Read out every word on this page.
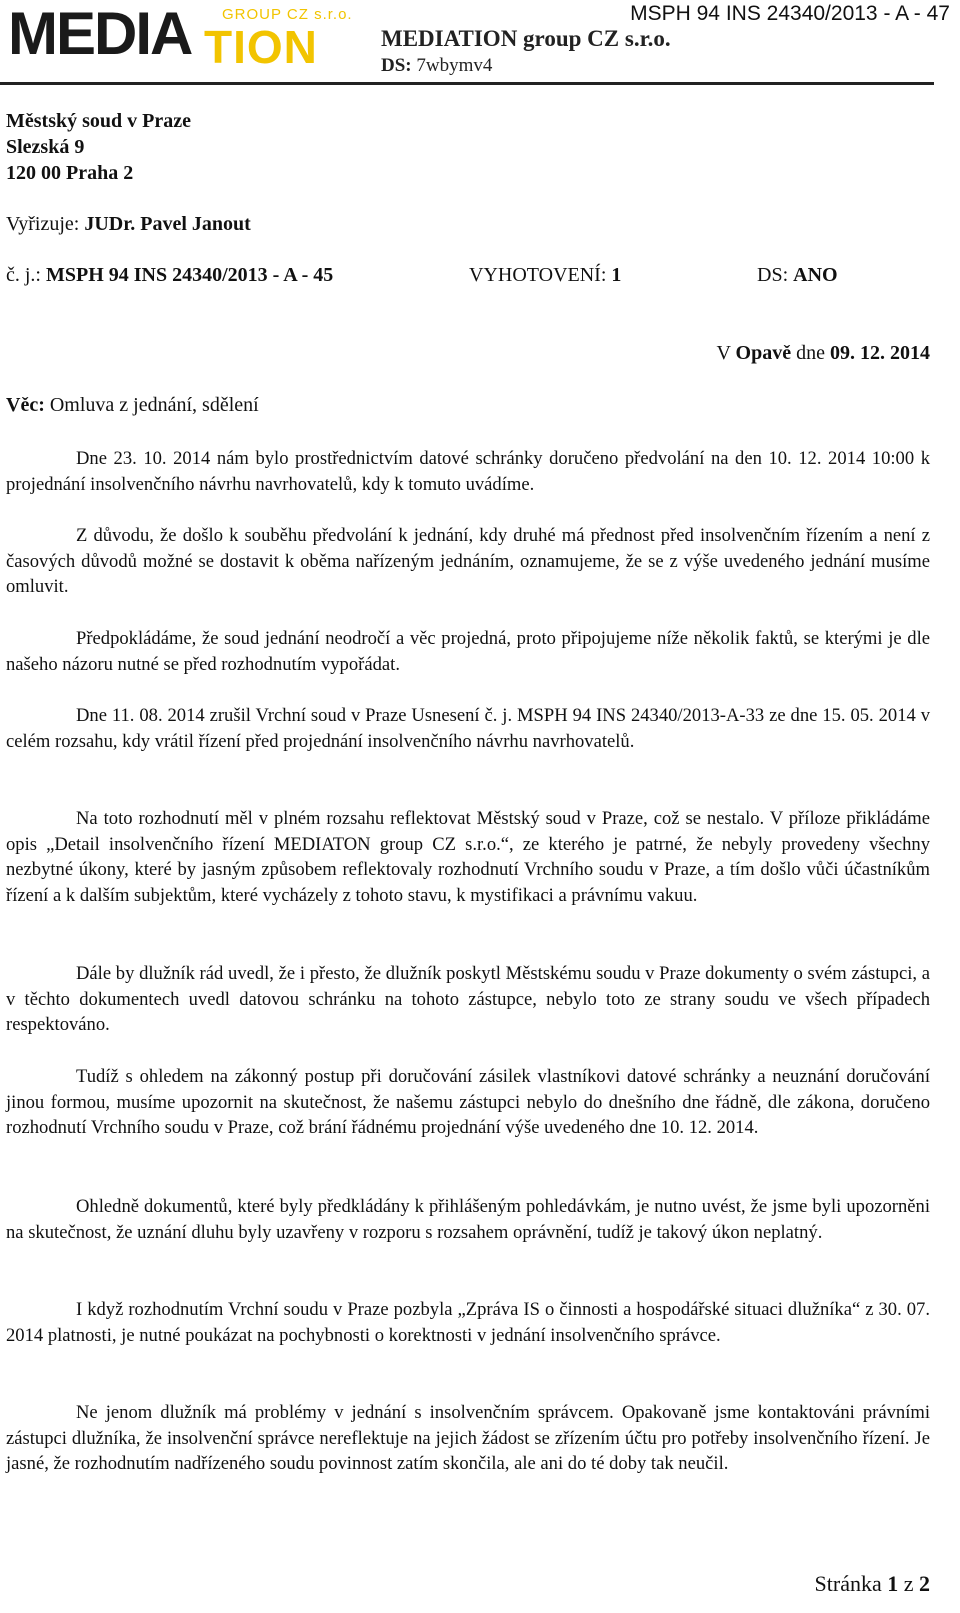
MEDIA GROUP CZ s.r.o.
TION
MSPH 94 INS 24340/2013 - A - 47
MEDIATION group CZ s.r.o.
DS: 7wbymv4
Městský soud v Praze
Slezská 9
120 00 Praha 2
Vyřizuje: JUDr. Pavel Janout
č. j.: MSPH 94 INS 24340/2013 - A - 45	VYHOTOVENÍ: 1	DS: ANO
V Opavě dne 09. 12. 2014
Věc: Omluva z jednání, sdělení
Dne 23. 10. 2014 nám bylo prostřednictvím datové schránky doručeno předvolání na den 10. 12. 2014 10:00 k projednání insolvenčního návrhu navrhovatelů, kdy k tomuto uvádíme.
Z důvodu, že došlo k souběhu předvolání k jednání, kdy druhé má přednost před insolvenčním řízením a není z časových důvodů možné se dostavit k oběma nařízeným jednáním, oznamujeme, že se z výše uvedeného jednání musíme omluvit.
Předpokládáme, že soud jednání neodročí a věc projedná, proto připojujeme níže několik faktů, se kterými je dle našeho názoru nutné se před rozhodnutím vypořádat.
Dne 11. 08. 2014 zrušil Vrchní soud v Praze Usnesení č. j. MSPH 94 INS 24340/2013-A-33 ze dne 15. 05. 2014 v celém rozsahu, kdy vrátil řízení před projednání insolvenčního návrhu navrhovatelů.
Na toto rozhodnutí měl v plném rozsahu reflektovat Městský soud v Praze, což se nestalo. V příloze přikládáme opis „Detail insolvenčního řízení MEDIATON group CZ s.r.o.“, ze kterého je patrné, že nebyly provedeny všechny nezbytné úkony, které by jasným způsobem reflektovaly rozhodnutí Vrchního soudu v Praze, a tím došlo vůči účastníkům řízení a k dalším subjektům, které vycházely z tohoto stavu, k mystifikaci a právnímu vakuu.
Dále by dlužník rád uvedl, že i přesto, že dlužník poskytl Městskému soudu v Praze dokumenty o svém zástupci, a v těchto dokumentech uvedl datovou schránku na tohoto zástupce, nebylo toto ze strany soudu ve všech případech respektováno.
Tudíž s ohledem na zákonný postup při doručování zásilek vlastníkovi datové schránky a neuznání doručování jinou formou, musíme upozornit na skutečnost, že našemu zástupci nebylo do dnešního dne řádně, dle zákona, doručeno rozhodnutí Vrchního soudu v Praze, což brání řádnému projednání výše uvedeného dne 10. 12. 2014.
Ohledně dokumentů, které byly předkládány k přihlášeným pohledávkám, je nutno uvést, že jsme byli upozorněni na skutečnost, že uznání dluhu byly uzavřeny v rozporu s rozsahem oprávnění, tudíž je takový úkon neplatný.
I když rozhodnutím Vrchní soudu v Praze pozbyla „Zpráva IS o činnosti a hospodářské situaci dlužníka“ z 30. 07. 2014 platnosti, je nutné poukázat na pochybnosti o korektnosti v jednání insolvenčního správce.
Ne jenom dlužník má problémy v jednání s insolvenčním správcem. Opakovaně jsme kontaktováni právními zástupci dlužníka, že insolvenční správce nereflektuje na jejich žádost se zřízením účtu pro potřeby insolvenčního řízení. Je jasné, že rozhodnutím nadřízeného soudu povinnost zatím skončila, ale ani do té doby tak neučil.
Stránka 1 z 2
